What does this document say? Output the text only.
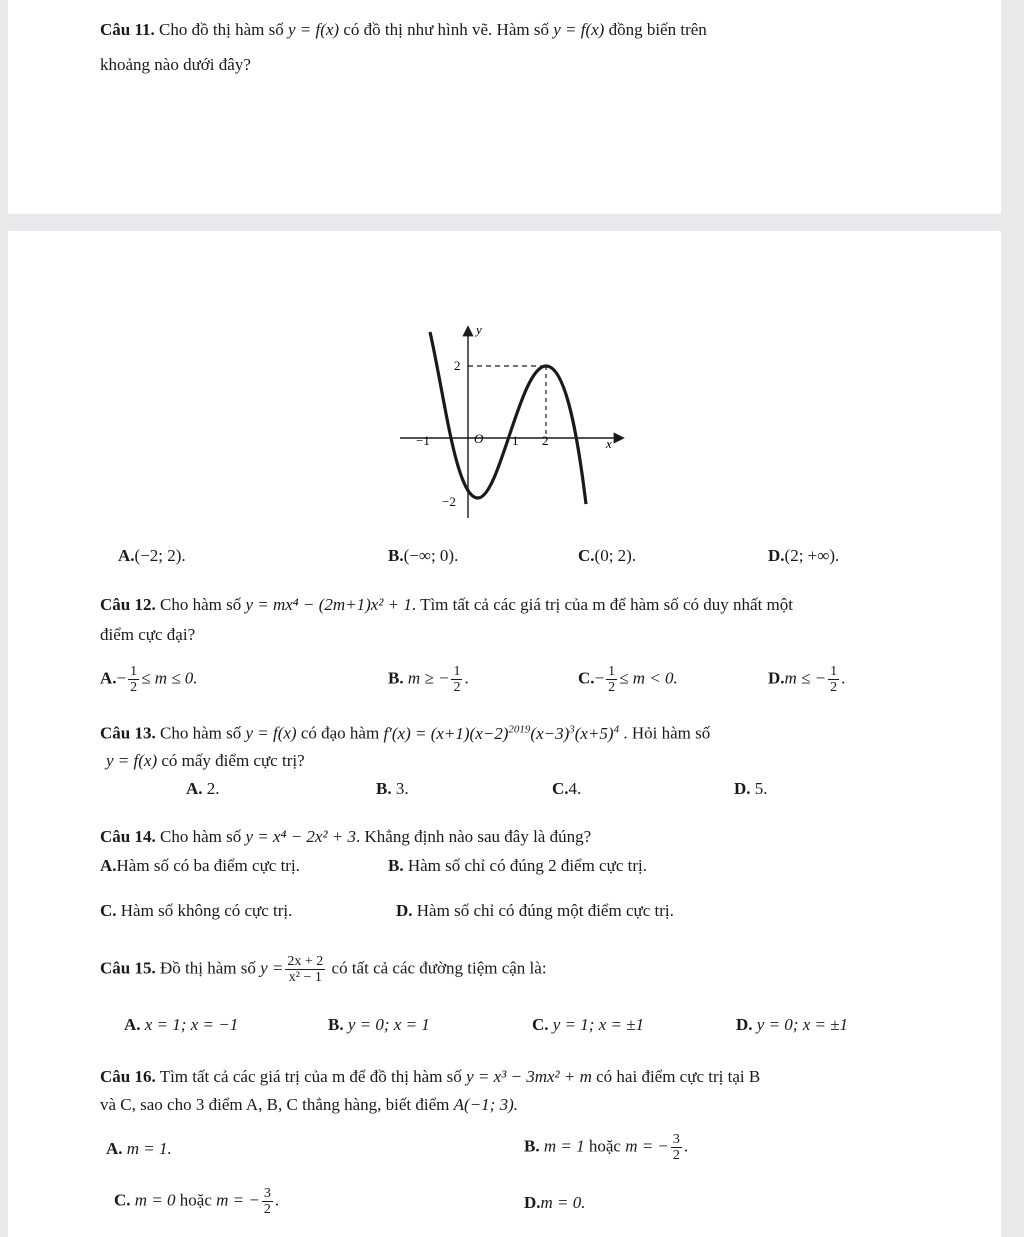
Câu 11. Cho đồ thị hàm số y = f(x) có đồ thị như hình vẽ. Hàm số y = f(x) đồng biến trên
khoảng nào dưới đây?
y
x
O
2
−2
−1	1 2
A.(−2; 2).	B.(−∞; 0).	C.(0; 2).	D.(2; +∞).
Câu 12. Cho hàm số y = mx⁴ − (2m+1)x² + 1. Tìm tất cả các giá trị của m để hàm số có duy nhất một
điểm cực đại?
$A.- \frac{1}{2} \le m \le 0$.	B. m ≥ − $\frac{1}{2}$ .	$C.- \frac{1}{2} \le m < 0$.	D.m ≤ − $\frac{1}{2}$ .
Câu 13. Cho hàm số y = f(x) có đạo hàm $f'(x) = (x+1)(x-2)^{2019}(x-3)^3(x+5)^4$ . Hỏi hàm số
y = f(x) có mấy điểm cực trị?
A. 2.	B. 3.	C.4.	D. 5.
Câu 14. Cho hàm số y = x⁴ − 2x² + 3. Khẳng định nào sau đây là đúng?
A.Hàm số có ba điểm cực trị.	B. Hàm số chỉ có đúng 2 điểm cực trị.
C. Hàm số không có cực trị.	D. Hàm số chỉ có đúng một điểm cực trị.
Câu 15. Đồ thị hàm số $y = \frac{2x + 2}{\text{x² − 1}}$ có tất cả các đường tiệm cận là:
A. x = 1; x = −1	B. y = 0; x = 1	C. y = 1; x = ±1	D. y = 0; x = ±1
Câu 16. Tìm tất cả các giá trị của m để đồ thị hàm số y = x³ − 3mx² + m có hai điểm cực trị tại B
và C, sao cho 3 điểm A, B, C thẳng hàng, biết điểm A(−1; 3).
A. m = 1.	B. m = 1 hoặc m = − $\frac{3}{2}$ .
C. m = 0 hoặc m = − $\frac{3}{2}$ .	D.m = 0.
